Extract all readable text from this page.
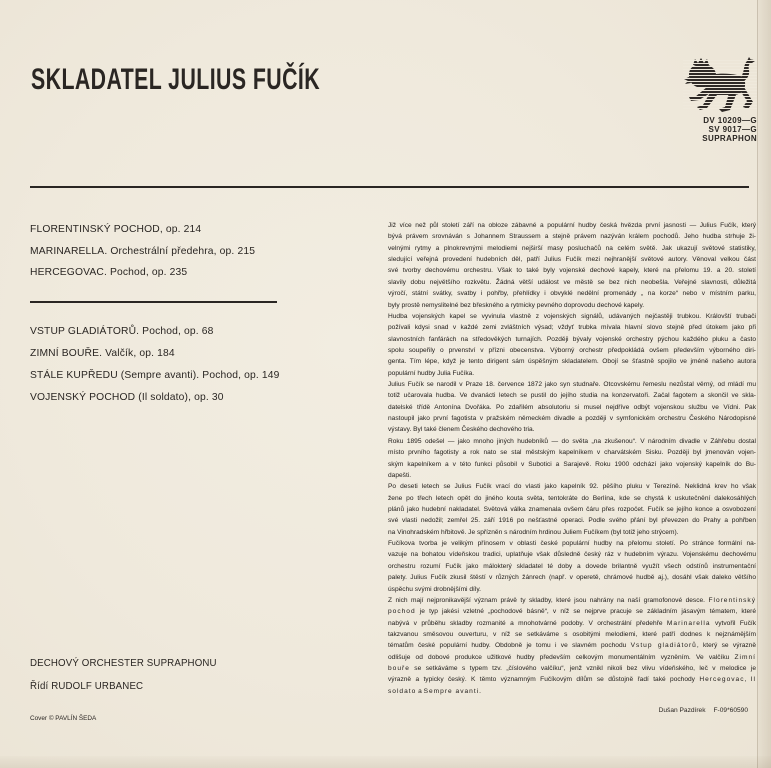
SKLADATEL JULIUS FUČÍK
DV 10209—G
SV 9017—G
SUPRAPHON
FLORENTINSKÝ POCHOD, op. 214
MARINARELLA. Orchestrální předehra, op. 215
HERCEGOVAC. Pochod, op. 235
VSTUP GLADIÁTORŮ. Pochod, op. 68
ZIMNÍ BOUŘE. Valčík, op. 184
STÁLE KUPŘEDU (Sempre avanti). Pochod, op. 149
VOJENSKÝ POCHOD (Il soldato), op. 30
DECHOVÝ ORCHESTER SUPRAPHONU
Řídí RUDOLF URBANEC
Cover © PAVLÍN ŠEDA
Již více než půl století září na obloze zábavné a populární hudby česká hvězda první jasnosti — Julius Fučík, který
bývá právem srovnáván s Johannem Straussem a stejně právem nazýván králem pochodů. Jeho hudba strhuje ži-
velnými rytmy a plnokrevnými melodiemi nejširší masy posluchačů na celém světě. Jak ukazují světové statistiky,
sledující veřejná provedení hudebních děl, patří Julius Fučík mezi nejhranější světové autory. Věnoval velkou část
své tvorby dechovému orchestru. Však to také byly vojenské dechové kapely, které na přelomu 19. a 20. století
slavily dobu největšího rozkvětu. Žádná větší událost ve městě se bez nich neobešla. Veřejné slavnosti, důležitá
výročí, státní svátky, svatby i pohřby, přehlídky i obvyklé nedělní promenády „ na korze“ nebo v místním parku,
byly prostě nemyslitelné bez břeskného a rytmicky pevného doprovodu dechové kapely.
Hudba vojenských kapel se vyvinula vlastně z vojenských signálů, udávaných nejčastěji trubkou. Královští trubači
požívali kdysi snad v každé zemi zvláštních výsad; vždyť trubka mívala hlavní slovo stejně před útokem jako při
slavnostních fanfárách na středověkých turnajích. Později bývaly vojenské orchestry pýchou každého pluku a často
spolu soupeřily o prvenství v přízni obecenstva. Výborný orchestr předpokládá ovšem především výborného diri-
genta. Tím lépe, když je tento dirigent sám úspěšným skladatelem. Obojí se šťastně spojilo ve jméně našeho autora
populární hudby Julia Fučíka.
Julius Fučík se narodil v Praze 18. července 1872 jako syn studnaře. Otcovskému řemeslu nezůstal věrný, od mládí mu
totiž učarovala hudba. Ve dvanácti letech se pustil do jejího studia na konzervatoři. Začal fagotem a skončil ve skla-
datelské třídě Antonína Dvořáka. Po zdařilém absolutoriu si musel nejdříve odbýt vojenskou službu ve Vídni. Pak
nastoupil jako první fagotista v pražském německém divadle a později v symfonickém orchestru Českého Národopisné
výstavy. Byl také členem Českého dechového tria.
Roku 1895 odešel — jako mnoho jiných hudebníků — do světa „na zkušenou“. V národním divadle v Záhřebu dostal
místo prvního fagotisty a rok nato se stal městským kapelníkem v charvátském Sisku. Později byl jmenován vojen-
ským kapelníkem a v této funkci působil v Subotici a Sarajevě. Roku 1900 odchází jako vojenský kapelník do Bu-
dapešti.
Po deseti letech se Julius Fučík vrací do vlasti jako kapelník 92. pěšího pluku v Terezíně. Neklidná krev ho však
žene po třech letech opět do jiného kouta světa, tentokráte do Berlína, kde se chystá k uskutečnění dalekosáhlých
plánů jako hudební nakladatel. Světová válka znamenala ovšem čáru přes rozpočet. Fučík se jejího konce a osvobození
své vlasti nedožil; zemřel 25. září 1916 po nešťastné operaci. Podle svého přání byl převezen do Prahy a pohřben
na Vinohradském hřbitově. Je spřízněn s národním hrdinou Juliem Fučíkem (byl totiž jeho strýcem).
Fučíkova tvorba je velikým přínosem v oblasti české populární hudby na přelomu století. Po stránce formální na-
vazuje na bohatou vídeňskou tradici, uplatňuje však důsledně český ráz v hudebním výrazu. Vojenskému dechovému
orchestru rozumí Fučík jako málokterý skladatel té doby a dovede brilantně využít všech odstínů instrumentační
palety. Julius Fučík zkusil štěstí v různých žánrech (např. v operetě, chrámové hudbě aj.), dosáhl však daleko většího
úspěchu svými drobnějšími díly.
Z nich mají nejpronikavější význam právě ty skladby, které jsou nahrány na naší gramofonové desce. Florentinský
pochod je typ jakési vzletné „pochodové básně“, v níž se nejprve pracuje se základním jásavým tématem, které
nabývá v průběhu skladby rozmanité a mnohotvárné podoby. V orchestrální předehře Marinarella vytvořil Fučík
takzvanou směsovou ouverturu, v níž se setkáváme s osobitými melodiemi, které patří dodnes k nejznámějším
tématům české populární hudby. Obdobně je tomu i ve slavném pochodu Vstup gladiátorů, který se výrazně
odlišuje od dobové produkce užitkové hudby především celkovým monumentálním vyzněním. Ve valčíku Zimní
bouře se setkáváme s typem tzv. „číslového valčíku“, jenž vznikl nikoli bez vlivu vídeňského, leč v melodice je
výrazně a typicky český. K těmto významným Fučíkovým dílům se důstojně řadí také pochody Hercegovac, Il
soldato a Sempre avanti.
Dušan Pazdírek F-09*60590
